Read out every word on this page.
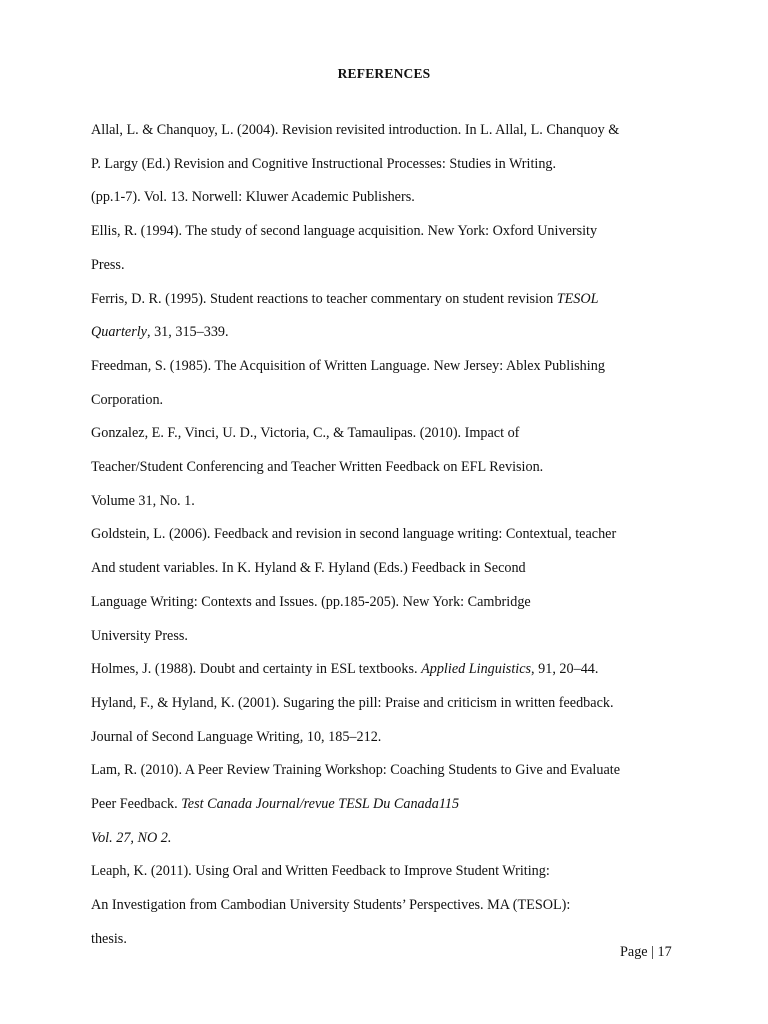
REFERENCES

Allal, L. & Chanquoy, L. (2004). Revision revisited introduction. In L. Allal, L. Chanquoy &
P. Largy (Ed.) Revision and Cognitive Instructional Processes: Studies in Writing.
(pp.1-7). Vol. 13. Norwell: Kluwer Academic Publishers.

Ellis, R. (1994). The study of second language acquisition. New York: Oxford University
Press.

Ferris, D. R. (1995). Student reactions to teacher commentary on student revision TESOL
Quarterly, 31, 315–339.

Freedman, S. (1985). The Acquisition of Written Language. New Jersey: Ablex Publishing
Corporation.

Gonzalez, E. F., Vinci, U. D., Victoria, C., & Tamaulipas. (2010). Impact of
Teacher/Student Conferencing and Teacher Written Feedback on EFL Revision.
Volume 31, No. 1.

Goldstein, L. (2006). Feedback and revision in second language writing: Contextual, teacher
And student variables. In K. Hyland & F. Hyland (Eds.) Feedback in Second
Language Writing: Contexts and Issues. (pp.185-205). New York: Cambridge
University Press.

Holmes, J. (1988). Doubt and certainty in ESL textbooks. Applied Linguistics, 91, 20–44.

Hyland, F., & Hyland, K. (2001). Sugaring the pill: Praise and criticism in written feedback.
Journal of Second Language Writing, 10, 185–212.

Lam, R. (2010). A Peer Review Training Workshop: Coaching Students to Give and Evaluate
Peer Feedback. Test Canada Journal/revue TESL Du Canada115
Vol. 27, NO 2.

Leaph, K. (2011). Using Oral and Written Feedback to Improve Student Writing:
An Investigation from Cambodian University Students’ Perspectives. MA (TESOL):
thesis.

Page | 17
